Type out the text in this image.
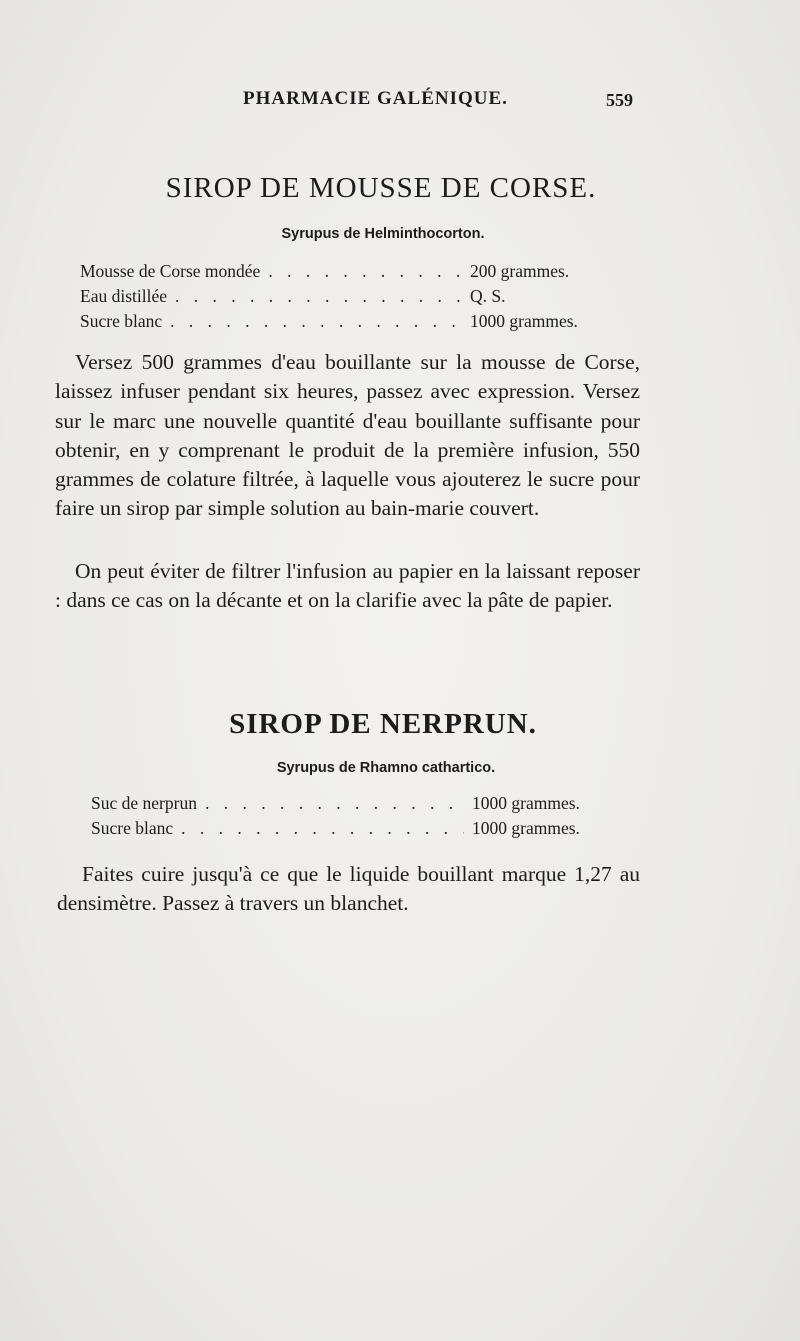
PHARMACIE GALÉNIQUE.	559
SIROP DE MOUSSE DE CORSE.
Syrupus de Helminthocorton.
Mousse de Corse mondée . . .	200 grammes.
Eau distillée . . .	Q. S.
Sucre blanc . . .	1000 grammes.

Versez 500 grammes d'eau bouillante sur la mousse de Corse, laissez infuser pendant six heures, passez avec expression. Versez sur le marc une nouvelle quantité d'eau bouillante suffisante pour obtenir, en y comprenant le produit de la première infusion, 550 grammes de colature filtrée, à laquelle vous ajouterez le sucre pour faire un sirop par simple solution au bain-marie couvert.

On peut éviter de filtrer l'infusion au papier en la laissant reposer : dans ce cas on la décante et on la clarifie avec la pâte de papier.

SIROP DE NERPRUN.
Syrupus de Rhamno cathartico.
Suc de nerprun . . .	1000 grammes.
Sucre blanc . . .	1000 grammes.

Faites cuire jusqu'à ce que le liquide bouillant marque 1,27 au densimètre. Passez à travers un blanchet.
